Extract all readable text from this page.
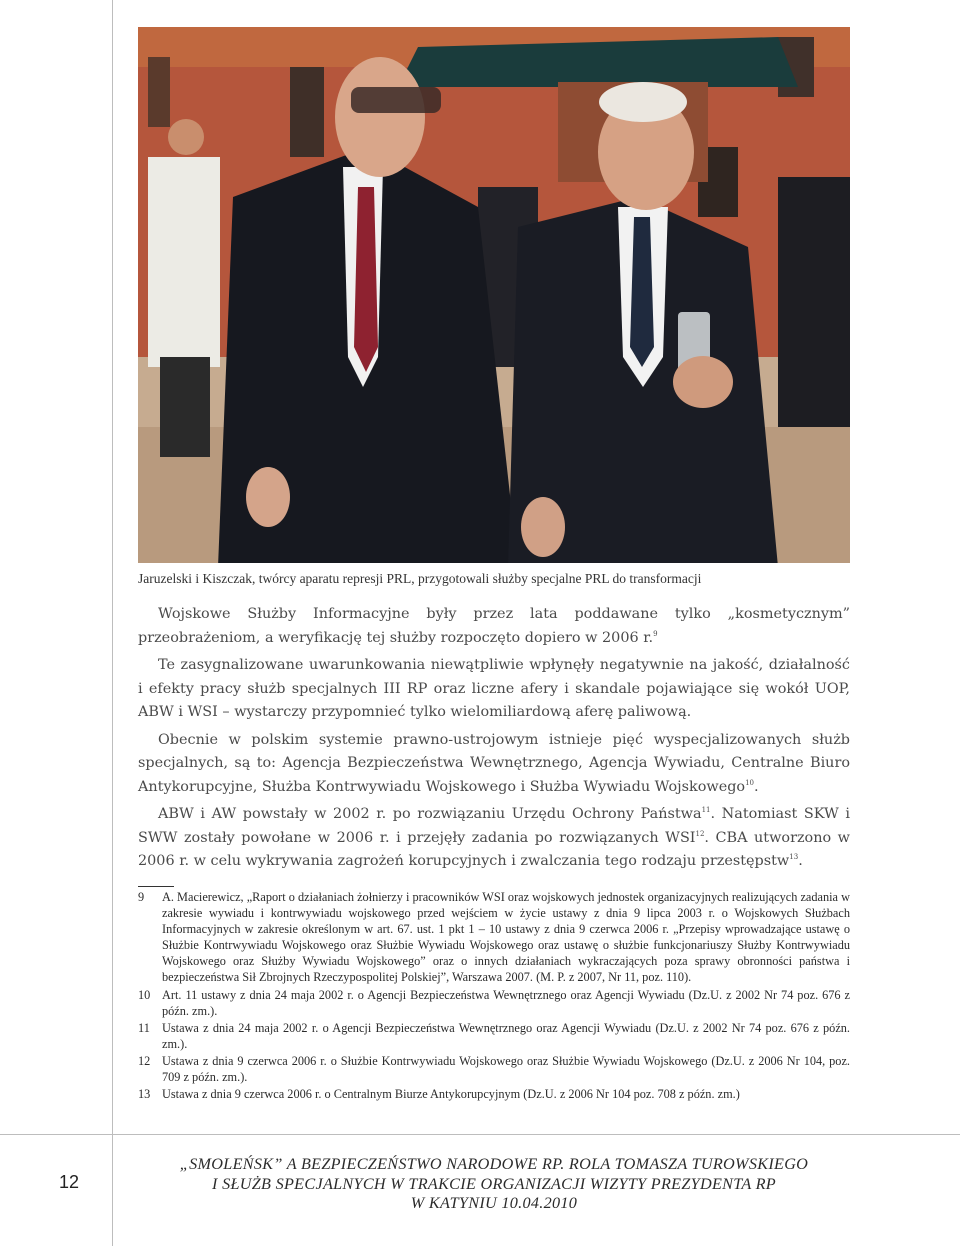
Jaruzelski i Kiszczak, twórcy aparatu represji PRL, przygotowali służby specjalne PRL do transformacji

Wojskowe Służby Informacyjne były przez lata poddawane tylko „kosmetycznym” przeobrażeniom, a weryfikację tej służby rozpoczęto dopiero w 2006 r.$^9$

Te zasygnalizowane uwarunkowania niewątpliwie wpłynęły negatywnie na jakość, działalność i efekty pracy służb specjalnych III RP oraz liczne afery i skandale pojawiające się wokół UOP, ABW i WSI – wystarczy przypomnieć tylko wielomiliardową aferę paliwową.

Obecnie w polskim systemie prawno-ustrojowym istnieje pięć wyspecjalizowanych służb specjalnych, są to: Agencja Bezpieczeństwa Wewnętrznego, Agencja Wywiadu, Centralne Biuro Antykorupcyjne, Służba Kontrwywiadu Wojskowego i Służba Wywiadu Wojskowego$^{10}$.

ABW i AW powstały w 2002 r. po rozwiązaniu Urzędu Ochrony Państwa$^{11}$. Natomiast SKW i SWW zostały powołane w 2006 r. i przejęły zadania po rozwiązanych WSI$^{12}$. CBA utworzono w 2006 r. w celu wykrywania zagrożeń korupcyjnych i zwalczania tego rodzaju przestępstw$^{13}$.

9	A. Macierewicz, „Raport o działaniach żołnierzy i pracowników WSI oraz wojskowych jednostek organizacyjnych realizujących zadania w zakresie wywiadu i kontrwywiadu wojskowego przed wejściem w życie ustawy z dnia 9 lipca 2003 r. o Wojskowych Służbach Informacyjnych w zakresie określonym w art. 67. ust. 1 pkt 1 – 10 ustawy z dnia 9 czerwca 2006 r. „Przepisy wprowadzające ustawę o Służbie Kontrwywiadu Wojskowego oraz Służbie Wywiadu Wojskowego oraz ustawę o służbie funkcjonariuszy Służby Kontrwywiadu Wojskowego oraz Służby Wywiadu Wojskowego” oraz o innych działaniach wykraczających poza sprawy obronności państwa i bezpieczeństwa Sił Zbrojnych Rzeczypospolitej Polskiej”, Warszawa 2007. (M. P. z 2007, Nr 11, poz. 110).
10 Art. 11 ustawy z dnia 24 maja 2002 r. o Agencji Bezpieczeństwa Wewnętrznego oraz Agencji Wywiadu (Dz.U. z 2002 Nr 74 poz. 676 z późn. zm.).
11 Ustawa z dnia 24 maja 2002 r. o Agencji Bezpieczeństwa Wewnętrznego oraz Agencji Wywiadu (Dz.U. z 2002 Nr 74 poz. 676 z późn. zm.).
12 Ustawa z dnia 9 czerwca 2006 r. o Służbie Kontrwywiadu Wojskowego oraz Służbie Wywiadu Wojskowego (Dz.U. z 2006 Nr 104, poz. 709 z późn. zm.).
13 Ustawa z dnia 9 czerwca 2006 r. o Centralnym Biurze Antykorupcyjnym (Dz.U. z 2006 Nr 104 poz. 708 z późn. zm.)
12
„SMOLEŃSK” A BEZPIECZEŃSTWO NARODOWE RP. ROLA TOMASZA TUROWSKIEGO
I SŁUŻB SPECJALNYCH W TRAKCIE ORGANIZACJI WIZYTY PREZYDENTA RP
W KATYNIU 10.04.2010
